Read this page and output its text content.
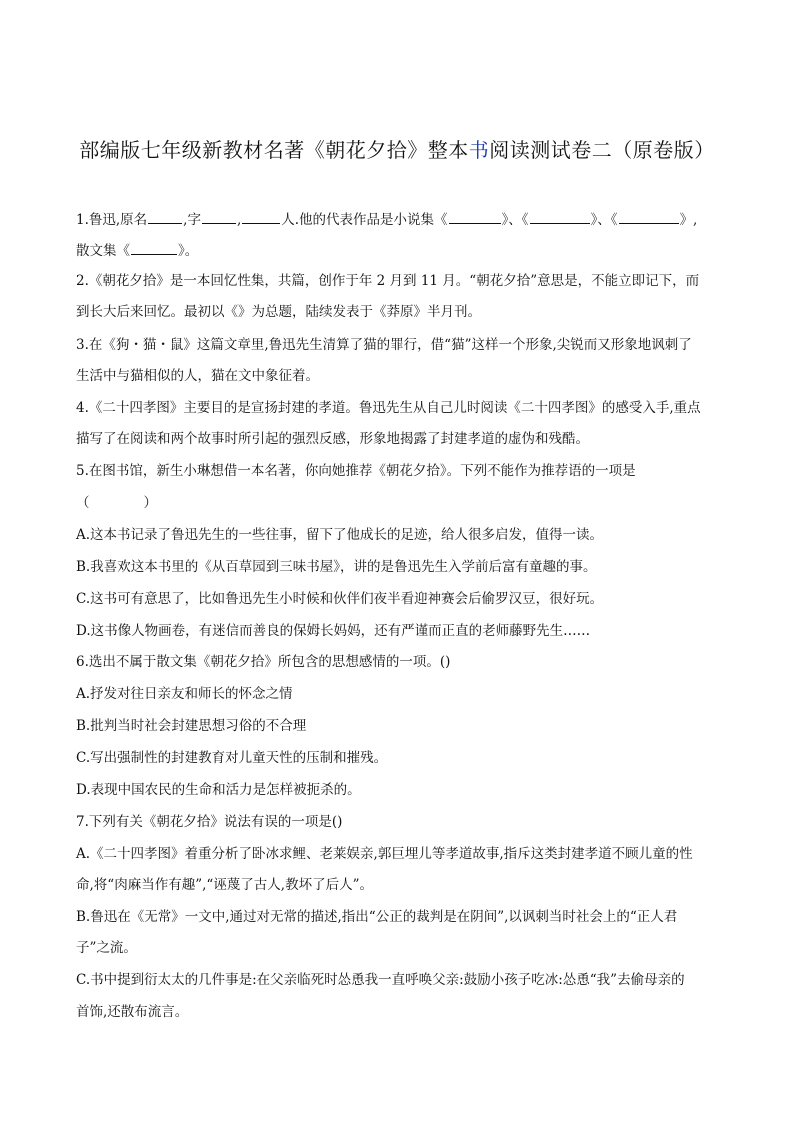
部编版七年级新教材名著《朝花夕拾》整本书阅读测试卷二（原卷版）
1.鲁迅,原名	,字	,	人.他的代表作品是小说集《	》、《	》、《	》,
散文集《	》。
2.《朝花夕拾》是一本回忆性集，共篇，创作于年 2 月到 11 月。“朝花夕拾”意思是，不能立即记下，而
到长大后来回忆。最初以《》为总题，陆续发表于《莽原》半月刊。
3.在《狗・猫・鼠》这篇文章里,鲁迅先生清算了猫的罪行，借“猫”这样一个形象,尖锐而又形象地讽刺了
生活中与猫相似的人，猫在文中象征着。
4.《二十四孝图》主要目的是宣扬封建的孝道。鲁迅先生从自己儿时阅读《二十四孝图》的感受入手,重点
描写了在阅读和两个故事时所引起的强烈反感，形象地揭露了封建孝道的虚伪和残酷。
5.在图书馆，新生小琳想借一本名著，你向她推荐《朝花夕拾》。下列不能作为推荐语的一项是
（　　　　）
A.这本书记录了鲁迅先生的一些往事，留下了他成长的足迹，给人很多启发，值得一读。
B.我喜欢这本书里的《从百草园到三味书屋》，讲的是鲁迅先生入学前后富有童趣的事。
C.这书可有意思了，比如鲁迅先生小时候和伙伴们夜半看迎神赛会后偷罗汉豆，很好玩。
D.这书像人物画卷，有迷信而善良的保姆长妈妈，还有严谨而正直的老师藤野先生……
6.选出不属于散文集《朝花夕拾》所包含的思想感情的一项。()
A.抒发对往日亲友和师长的怀念之情
B.批判当时社会封建思想习俗的不合理
C.写出强制性的封建教育对儿童天性的压制和摧残。
D.表现中国农民的生命和活力是怎样被扼杀的。
7.下列有关《朝花夕拾》说法有误的一项是()
A.《二十四孝图》着重分析了卧冰求鲤、老莱娱亲,郭巨埋儿等孝道故事,指斥这类封建孝道不顾儿童的性
命,将“肉麻当作有趣”,“诬蔑了古人,教坏了后人”。
B.鲁迅在《无常》一文中,通过对无常的描述,指出“公正的裁判是在阴间”,以讽刺当时社会上的“正人君
子”之流。
C.书中提到衍太太的几件事是:在父亲临死时怂恿我一直呼唤父亲:鼓励小孩子吃冰:怂恿“我”去偷母亲的
首饰,还散布流言。
